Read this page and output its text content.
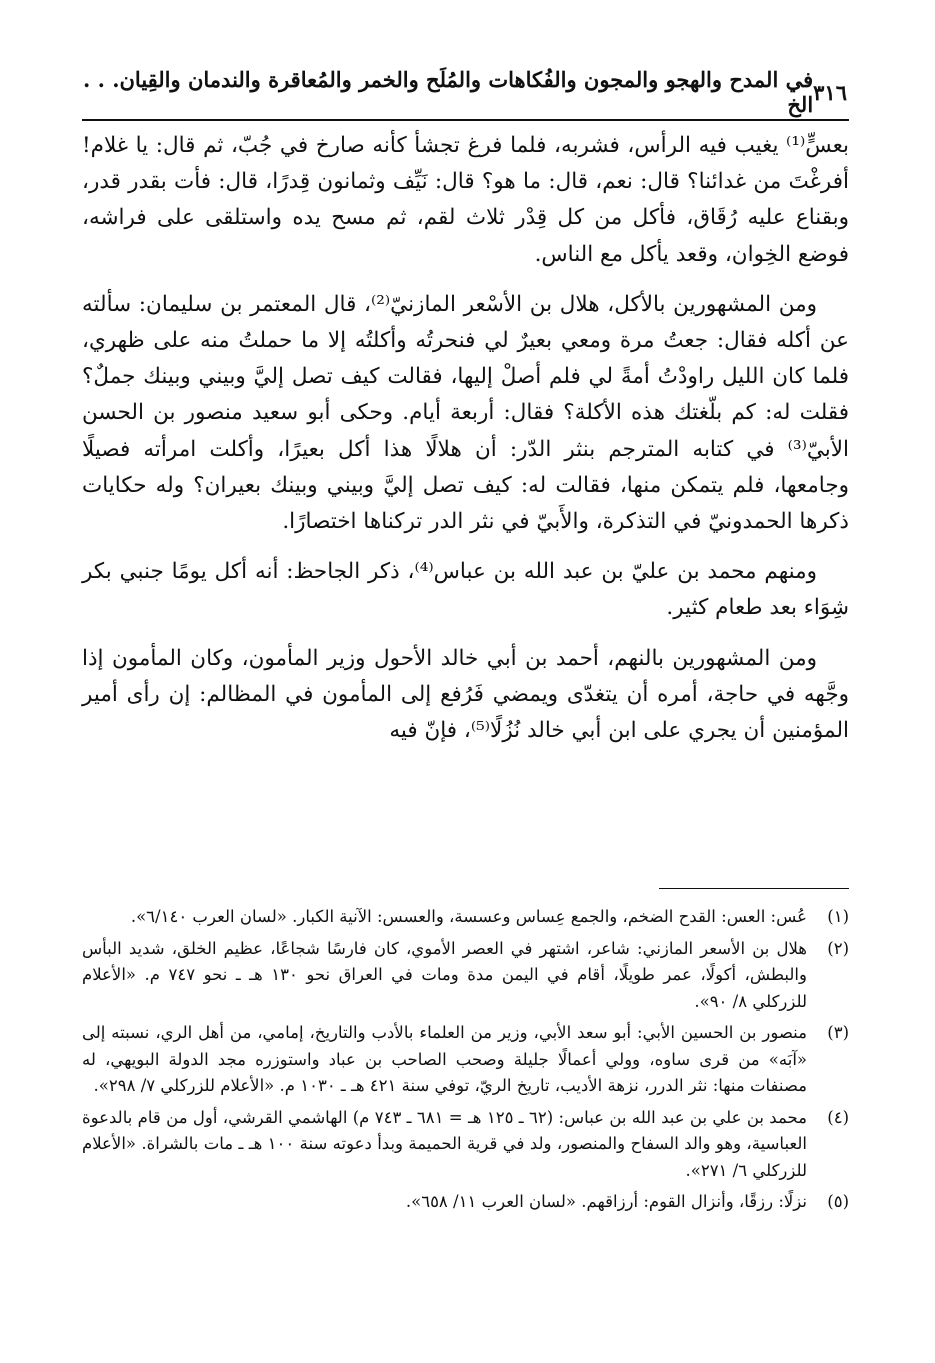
٣١٦
في المدح والهجو والمجون والفُكاهات والمُلَح والخمر والمُعاقرة والندمان والقِيان. . . الخ

بعسٍّ⁽¹⁾ يغيب فيه الرأس، فشربه، فلما فرغ تجشأ كأنه صارخ في جُبّ، ثم قال: يا غلام! أفرغْتَ من غدائنا؟ قال: نعم، قال: ما هو؟ قال: نَيِّف وثمانون قِدرًا، قال: فأت بقدر قدر، وبقناع عليه رُقَاق، فأكل من كل قِدْر ثلاث لقم، ثم مسح يده واستلقى على فراشه، فوضع الخِوان، وقعد يأكل مع الناس.

ومن المشهورين بالأكل، هلال بن الأسْعر المازنيّ⁽²⁾، قال المعتمر بن سليمان: سألته عن أكله فقال: جعتُ مرة ومعي بعيرٌ لي فنحرتُه وأكلتُه إلا ما حملتُ منه على ظهري، فلما كان الليل راودْتُ أمةً لي فلم أصلْ إليها، فقالت كيف تصل إليَّ وبيني وبينك جملٌ؟ فقلت له: كم بلّغتك هذه الأكلة؟ فقال: أربعة أيام. وحكى أبو سعيد منصور بن الحسن الأبيّ⁽³⁾ في كتابه المترجم بنثر الدّر: أن هلالًا هذا أكل بعيرًا، وأكلت امرأته فصيلًا وجامعها، فلم يتمكن منها، فقالت له: كيف تصل إليَّ وبيني وبينك بعيران؟ وله حكايات ذكرها الحمدونيّ في التذكرة، والأَبيّ في نثر الدر تركناها اختصارًا.

ومنهم محمد بن عليّ بن عبد الله بن عباس⁽⁴⁾، ذكر الجاحظ: أنه أكل يومًا جنبي بكر شِوَاء بعد طعام كثير.

ومن المشهورين بالنهم، أحمد بن أبي خالد الأحول وزير المأمون، وكان المأمون إذا وجَّهه في حاجة، أمره أن يتغدّى ويمضي فَرُفع إلى المأمون في المظالم: إن رأى أمير المؤمنين أن يجري على ابن أبي خالد نُزُلًا⁽⁵⁾، فإنّ فيه

(١)
عُس: العس: القدح الضخم، والجمع عِساس وعسسة، والعسس: الآنية الكبار. «لسان العرب ٦/١٤٠».
(٢)
هلال بن الأسعر المازني: شاعر، اشتهر في العصر الأموي، كان فارسًا شجاعًا، عظيم الخلق، شديد البأس والبطش، أكولًا، عمر طويلًا، أقام في اليمن مدة ومات في العراق نحو ١٣٠ هـ ـ نحو ٧٤٧ م. «الأعلام للزركلي ٨/ ٩٠».
(٣)
منصور بن الحسين الأبي: أبو سعد الأبي، وزير من العلماء بالأدب والتاريخ، إمامي، من أهل الري، نسبته إلى «آبَه» من قرى ساوه، وولي أعمالًا جليلة وصحب الصاحب بن عباد واستوزره مجد الدولة البويهي، له مصنفات منها: نثر الدرر، نزهة الأديب، تاريخ الريّ، توفي سنة ٤٢١ هـ ـ ١٠٣٠ م. «الأعلام للزركلي ٧/ ٢٩٨».
(٤)
محمد بن علي بن عبد الله بن عباس: (٦٢ ـ ١٢٥ هـ = ٦٨١ ـ ٧٤٣ م) الهاشمي القرشي، أول من قام بالدعوة العباسية، وهو والد السفاح والمنصور، ولد في قرية الحميمة وبدأ دعوته سنة ١٠٠ هـ ـ مات بالشراة. «الأعلام للزركلي ٦/ ٢٧١».
(٥)
نزلًا: رزقًا، وأنزال القوم: أرزاقهم. «لسان العرب ١١/ ٦٥٨».
